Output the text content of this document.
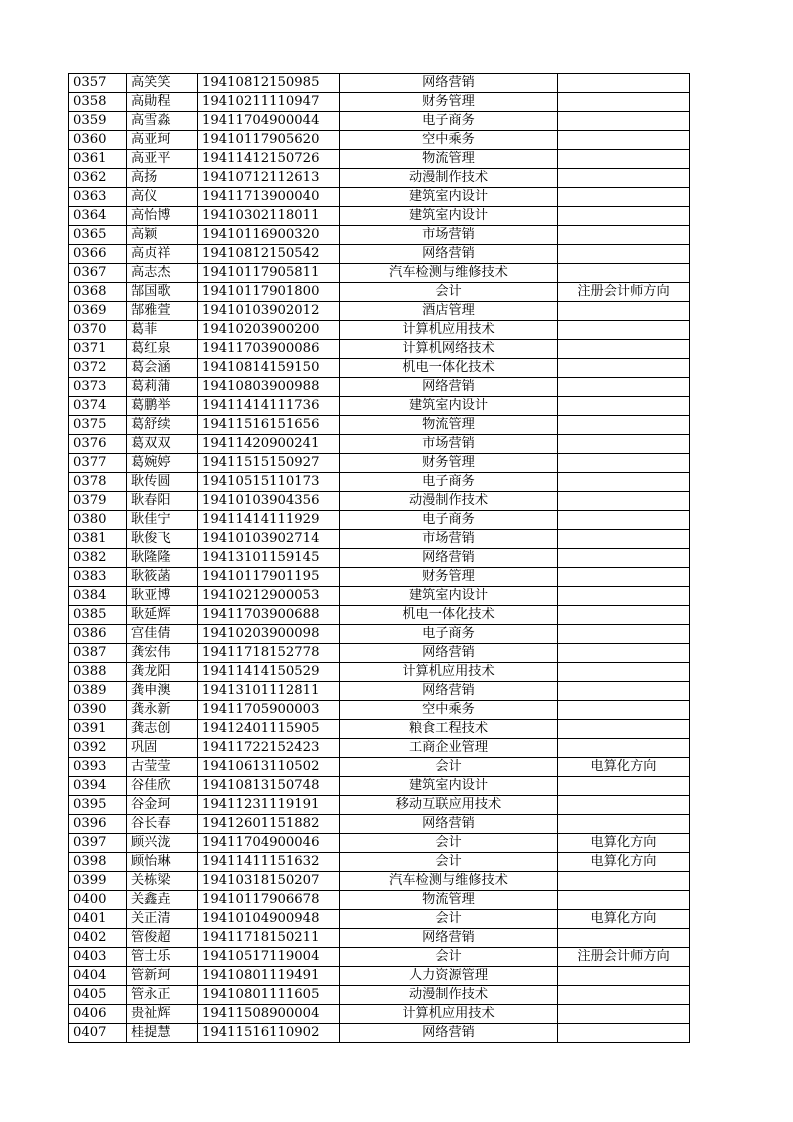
0357	高笑笑	19410812150985	网络营销	
0358	高勛程	19410211110947	财务管理	
0359	高雪淼	19411704900044	电子商务	
0360	高亚珂	19410117905620	空中乘务	
0361	高亚平	19411412150726	物流管理	
0362	高扬	19410712112613	动漫制作技术	
0363	高仪	19411713900040	建筑室内设计	
0364	高怡博	19410302118011	建筑室内设计	
0365	高颖	19410116900320	市场营销	
0366	高贞祥	19410812150542	网络营销	
0367	高志杰	19410117905811	汽车检测与维修技术	
0368	郜国歌	19410117901800	会计	注册会计师方向
0369	郜雅萱	19410103902012	酒店管理	
0370	葛菲	19410203900200	计算机应用技术	
0371	葛红泉	19411703900086	计算机网络技术	
0372	葛会涵	19410814159150	机电一体化技术	
0373	葛莉蒲	19410803900988	网络营销	
0374	葛鹏举	19411414111736	建筑室内设计	
0375	葛舒续	19411516151656	物流管理	
0376	葛双双	19411420900241	市场营销	
0377	葛婉婷	19411515150927	财务管理	
0378	耿传圆	19410515110173	电子商务	
0379	耿春阳	19410103904356	动漫制作技术	
0380	耿佳宁	19411414111929	电子商务	
0381	耿俊飞	19410103902714	市场营销	
0382	耿隆隆	19413101159145	网络营销	
0383	耿筱菡	19410117901195	财务管理	
0384	耿亚博	19410212900053	建筑室内设计	
0385	耿延辉	19411703900688	机电一体化技术	
0386	宫佳倩	19410203900098	电子商务	
0387	龚宏伟	19411718152778	网络营销	
0388	龚龙阳	19411414150529	计算机应用技术	
0389	龚申澳	19413101112811	网络营销	
0390	龚永新	19411705900003	空中乘务	
0391	龚志创	19412401115905	粮食工程技术	
0392	巩固	19411722152423	工商企业管理	
0393	古莹莹	19410613110502	会计	电算化方向
0394	谷佳欣	19410813150748	建筑室内设计	
0395	谷金珂	19411231119191	移动互联应用技术	
0396	谷长春	19412601151882	网络营销	
0397	顾兴泷	19411704900046	会计	电算化方向
0398	顾怡琳	19411411151632	会计	电算化方向
0399	关栋梁	19410318150207	汽车检测与维修技术	
0400	关鑫垚	19410117906678	物流管理	
0401	关正清	19410104900948	会计	电算化方向
0402	管俊超	19411718150211	网络营销	
0403	管士乐	19410517119004	会计	注册会计师方向
0404	管新珂	19410801119491	人力资源管理	
0405	管永正	19410801111605	动漫制作技术	
0406	贵祉辉	19411508900004	计算机应用技术	
0407	桂提慧	19411516110902	网络营销	
